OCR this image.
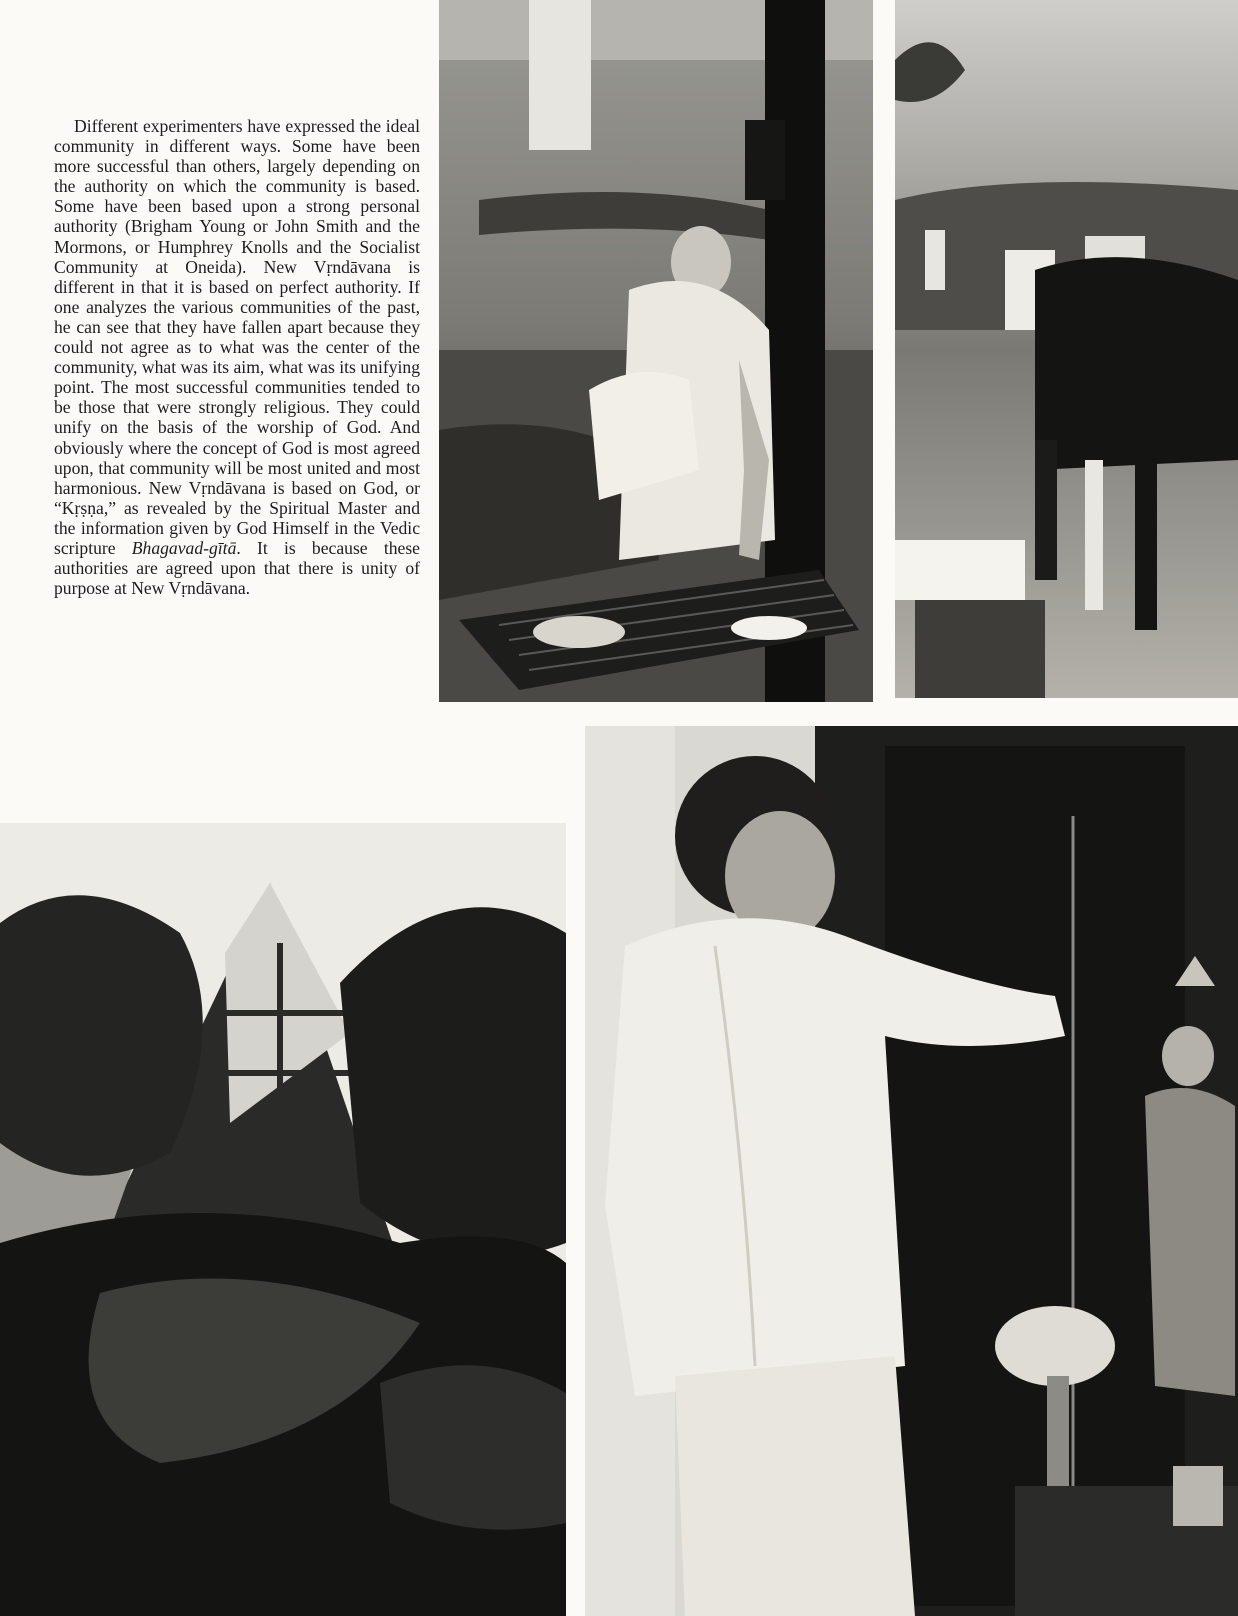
Different experimenters have expressed the ideal community in different ways. Some have been more successful than others, largely depending on the authority on which the community is based. Some have been based upon a strong personal authority (Brigham Young or John Smith and the Mormons, or Humphrey Knolls and the Socialist Community at Oneida). New Vṛndāvana is different in that it is based on perfect authority. If one analyzes the various communities of the past, he can see that they have fallen apart because they could not agree as to what was the center of the community, what was its aim, what was its unifying point. The most successful communities tended to be those that were strongly religious. They could unify on the basis of the worship of God. And obviously where the concept of God is most agreed upon, that community will be most united and most harmonious. New Vṛndāvana is based on God, or “Kṛṣṇa,” as revealed by the Spiritual Master and the information given by God Himself in the Vedic scripture Bhagavad-gītā. It is because these authorities are agreed upon that there is unity of purpose at New Vṛndāvana.
